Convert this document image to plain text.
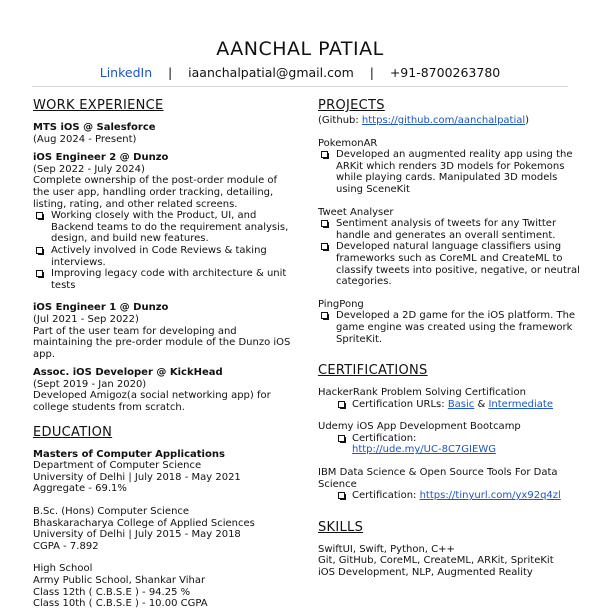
AANCHAL PATIAL
LinkedIn | iaanchalpatial@gmail.com | +91-8700263780
WORK EXPERIENCE
MTS iOS @ Salesforce
(Aug 2024 - Present)
iOS Engineer 2 @ Dunzo
(Sep 2022 - July 2024)
Complete ownership of the post-order module of the user app, handling order tracking, detailing, listing, rating, and other related screens.
Working closely with the Product, UI, and Backend teams to do the requirement analysis, design, and build new features.
Actively involved in Code Reviews & taking interviews.
Improving legacy code with architecture & unit tests
iOS Engineer 1 @ Dunzo
(Jul 2021 - Sep 2022)
Part of the user team for developing and maintaining the pre-order module of the Dunzo iOS app.
Assoc. iOS Developer @ KickHead
(Sept 2019 - Jan 2020)
Developed Amigoz(a social networking app) for college students from scratch.
EDUCATION
Masters of Computer Applications
Department of Computer Science
University of Delhi | July 2018 - May 2021
Aggregate - 69.1%
B.Sc. (Hons) Computer Science
Bhaskaracharya College of Applied Sciences
University of Delhi | July 2015 - May 2018
CGPA - 7.892
High School
Army Public School, Shankar Vihar
Class 12th ( C.B.S.E ) - 94.25 %
Class 10th ( C.B.S.E ) - 10.00 CGPA
PROJECTS
(Github: https://github.com/aanchalpatial)
PokemonAR
Developed an augmented reality app using the ARKit which renders 3D models for Pokemons while playing cards. Manipulated 3D models using SceneKit
Tweet Analyser
Sentiment analysis of tweets for any Twitter handle and generates an overall sentiment.
Developed natural language classifiers using frameworks such as CoreML and CreateML to classify tweets into positive, negative, or neutral categories.
PingPong
Developed a 2D game for the iOS platform. The game engine was created using the framework SpriteKit.
CERTIFICATIONS
HackerRank Problem Solving Certification
Certification URLs: Basic & Intermediate
Udemy iOS App Development Bootcamp
Certification:
http://ude.my/UC-8C7GIEWG
IBM Data Science & Open Source Tools For Data Science
Certification: https://tinyurl.com/yx92q4zl
SKILLS
SwiftUI, Swift, Python, C++
Git, GitHub, CoreML, CreateML, ARKit, SpriteKit
iOS Development, NLP, Augmented Reality
